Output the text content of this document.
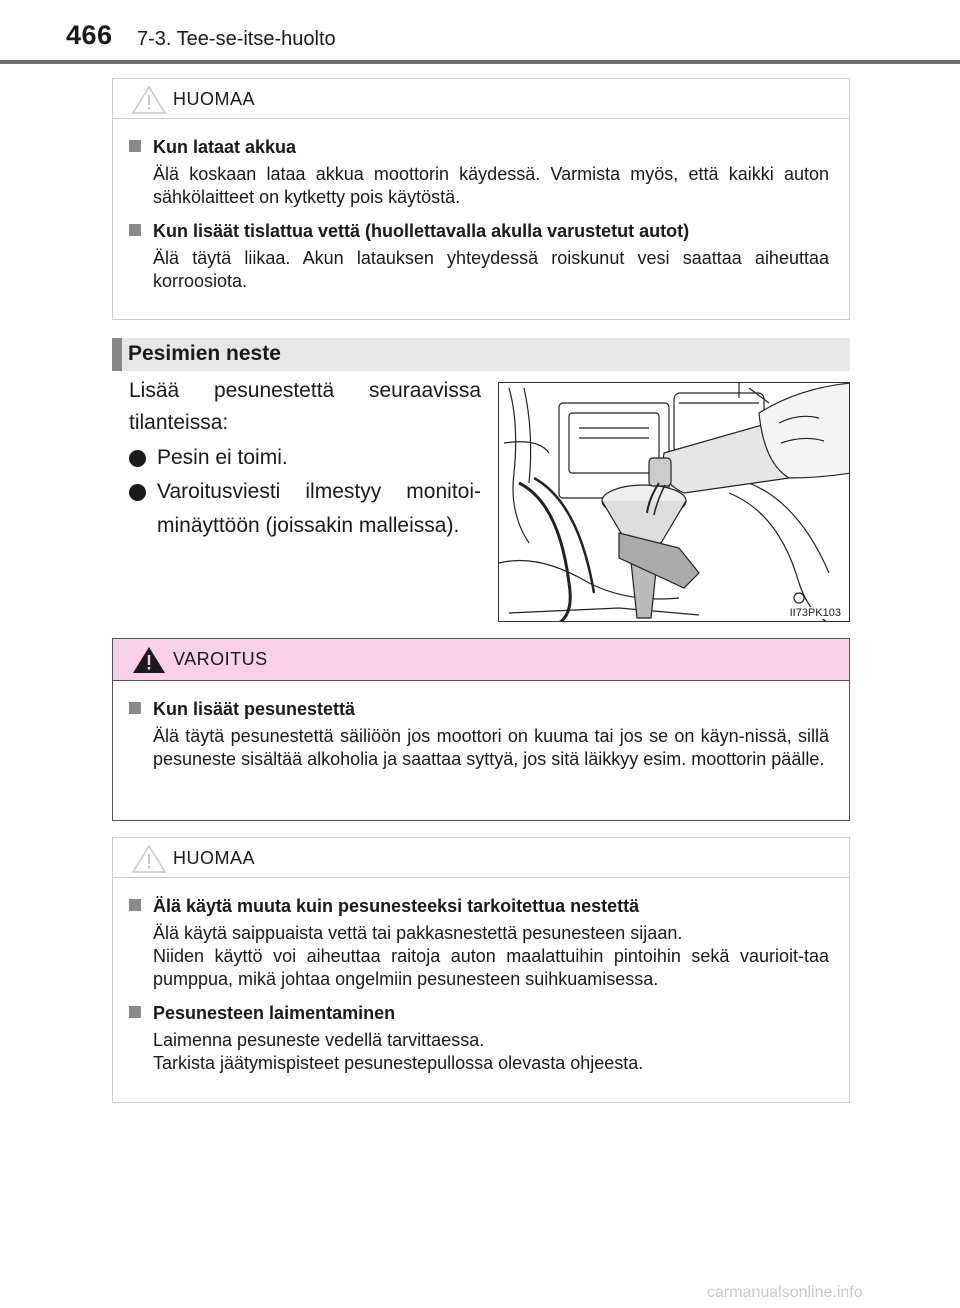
466 7-3. Tee-se-itse-huolto
HUOMAA
Kun lataat akkua
Älä koskaan lataa akkua moottorin käydessä. Varmista myös, että kaikki auton sähkölaitteet on kytketty pois käytöstä.
Kun lisäät tislattua vettä (huollettavalla akulla varustetut autot)
Älä täytä liikaa. Akun latauksen yhteydessä roiskunut vesi saattaa aiheuttaa korroosiota.
Pesimien neste
Lisää pesunestettä seuraavissa
tilanteissa:
Pesin ei toimi.
Varoitusviesti ilmestyy monitoi-
minäyttöön (joissakin malleissa).
II73PK103
VAROITUS
Kun lisäät pesunestettä
Älä täytä pesunestettä säiliöön jos moottori on kuuma tai jos se on käyn-nissä, sillä pesuneste sisältää alkoholia ja saattaa syttyä, jos sitä läikkyy esim. moottorin päälle.
HUOMAA
Älä käytä muuta kuin pesunesteeksi tarkoitettua nestettä
Älä käytä saippuaista vettä tai pakkasnestettä pesunesteen sijaan.
Niiden käyttö voi aiheuttaa raitoja auton maalattuihin pintoihin sekä vaurioit-taa pumppua, mikä johtaa ongelmiin pesunesteen suihkuamisessa.
Pesunesteen laimentaminen
Laimenna pesuneste vedellä tarvittaessa.
Tarkista jäätymispisteet pesunestepullossa olevasta ohjeesta.
carmanualsonline.info
